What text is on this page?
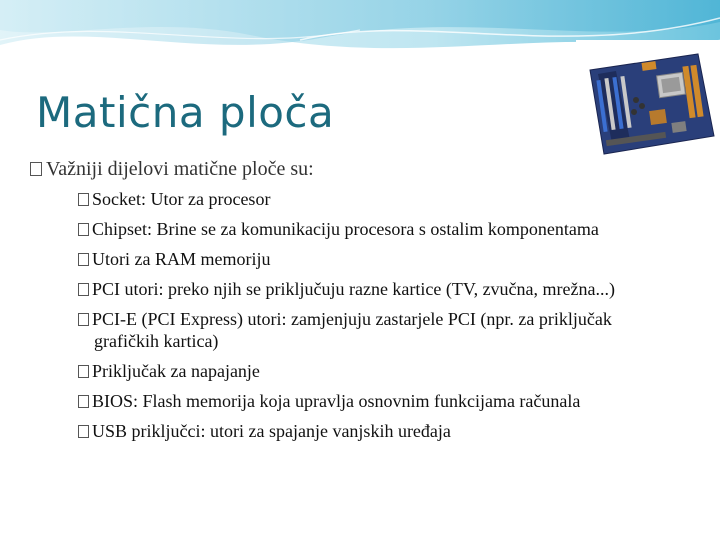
Matična ploča
Važniji dijelovi matične ploče su:
Socket: Utor za procesor
Chipset: Brine se za komunikaciju procesora s ostalim komponentama
Utori za RAM memoriju
PCI utori: preko njih se priključuju razne kartice (TV, zvučna, mrežna...)
PCI-E (PCI Express) utori: zamjenjuju zastarjele PCI (npr. za priključak grafičkih kartica)
Priključak za napajanje
BIOS: Flash memorija koja upravlja osnovnim funkcijama računala
USB priključci: utori za spajanje vanjskih uređaja
